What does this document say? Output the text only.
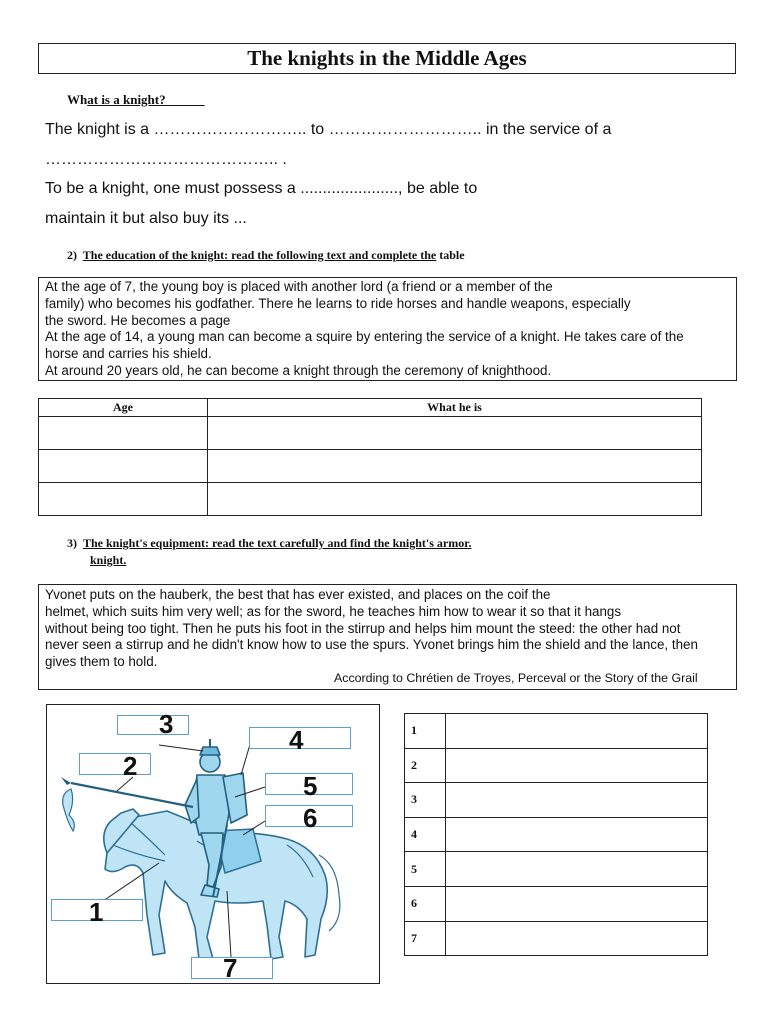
The knights in the Middle Ages
What is a knight?
The knight is a ……………………….. to ……………………….. in the service of a
…………………………………….. .
To be a knight, one must possess a ......................, be able to
maintain it but also buy its ...
2) The education of the knight: read the following text and complete the table

At the age of 7, the young boy is placed with another lord (a friend or a member of the

family) who becomes his godfather. There he learns to ride horses and handle weapons, especially

the sword. He becomes a page

At the age of 14, a young man can become a squire by entering the service of a knight. He takes care of the

horse and carries his shield.

At around 20 years old, he can become a knight through the ceremony of knighthood.

Age	What he is

3) The knight's equipment: read the text carefully and find the knight's armor.
knight.

Yvonet puts on the hauberk, the best that has ever existed, and places on the coif the

helmet, which suits him very well; as for the sword, he teaches him how to wear it so that it hangs

without being too tight. Then he puts his foot in the stirrup and helps him mount the steed: the other had not

never seen a stirrup and he didn't know how to use the spurs. Yvonet brings him the shield and the lance, then

gives them to hold.

According to Chrétien de Troyes, Perceval or the Story of the Grail

3
2
4
5
6
1
7
1	
2	
3	
4	
5	
6	
7	
